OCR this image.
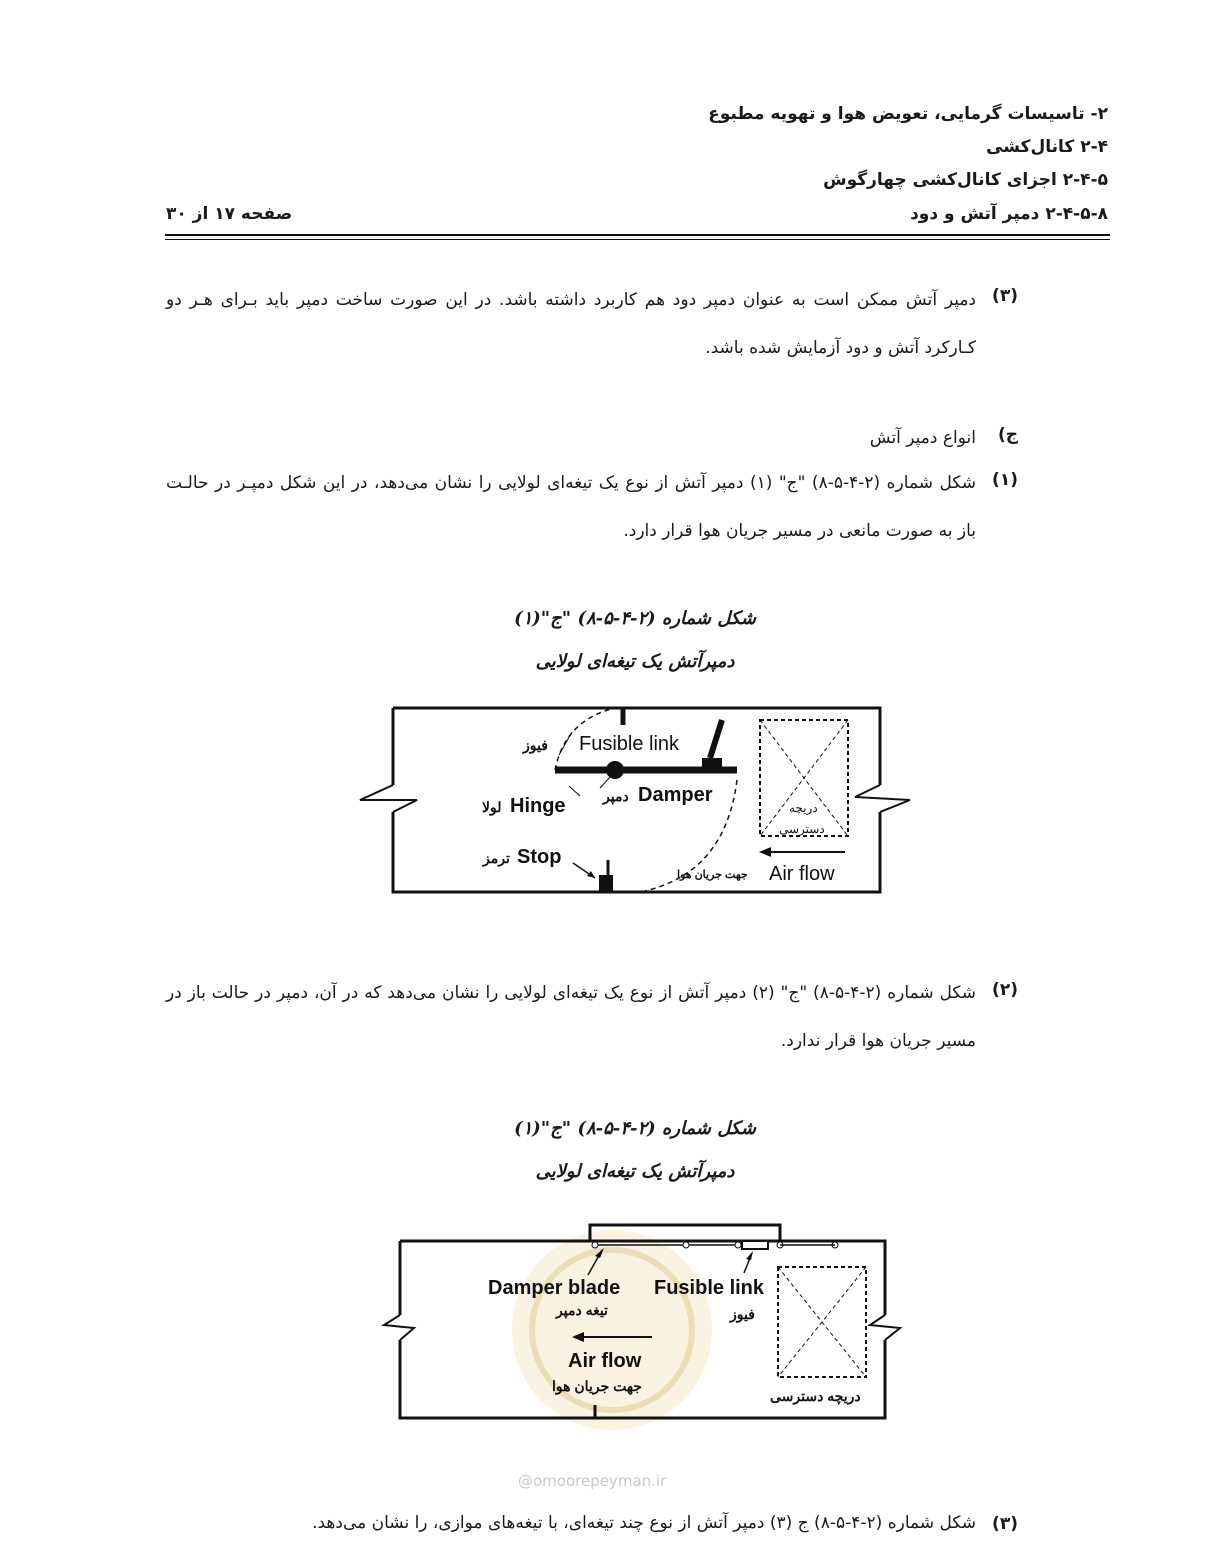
۲- تاسیسات گرمایی، تعویض هوا و تهویه مطبوع
۲-۴ کانال‌کشی
۲-۴-۵ اجزای کانال‌کشی چهارگوش
۲-۴-۵-۸ دمپر آتش و دود
صفحه ۱۷ از ۳۰
(۳)
دمپر آتش ممکن است به عنوان دمپر دود هم کاربرد داشته باشد. در این صورت ساخت دمپر باید بـرای هـر دو کـارکرد آتش و دود آزمایش شده باشد.
ج)
انواع دمپر آتش
(۱)
شکل شماره (۲-۴-۵-۸) "ج" (۱) دمپر آتش از نوع یک تیغه‌ای لولایی را نشان می‌دهد، در این شکل دمپـر در حالـت باز به صورت مانعی در مسیر جریان هوا قرار دارد.
شکل شماره (۲-۴-۵-۸) "ج"(۱)
دمپرآتش یک تیغه‌ای لولایی
Fusible link
فیوز
Hinge
لولا
Damper
دمپر
Stop
ترمز
Air flow
جهت جریان هوا
دریچه
دسترسی
(۲)
شکل شماره (۲-۴-۵-۸) "ج" (۲) دمپر آتش از نوع یک تیغه‌ای لولایی را نشان می‌دهد که در آن، دمپر در حالت باز در مسیر جریان هوا قرار ندارد.
شکل شماره (۲-۴-۵-۸) "ج"(۱)
دمپرآتش یک تیغه‌ای لولایی
Damper blade
تیغه دمپر
Fusible link
فیوز
Air flow
جهت جریان هوا
دریچه دسترسی
@omoorepeyman.ir
(۳)
شکل شماره (۲-۴-۵-۸) ج (۳) دمپر آتش از نوع چند تیغه‌ای، با تیغه‌های موازی، را نشان می‌دهد.
